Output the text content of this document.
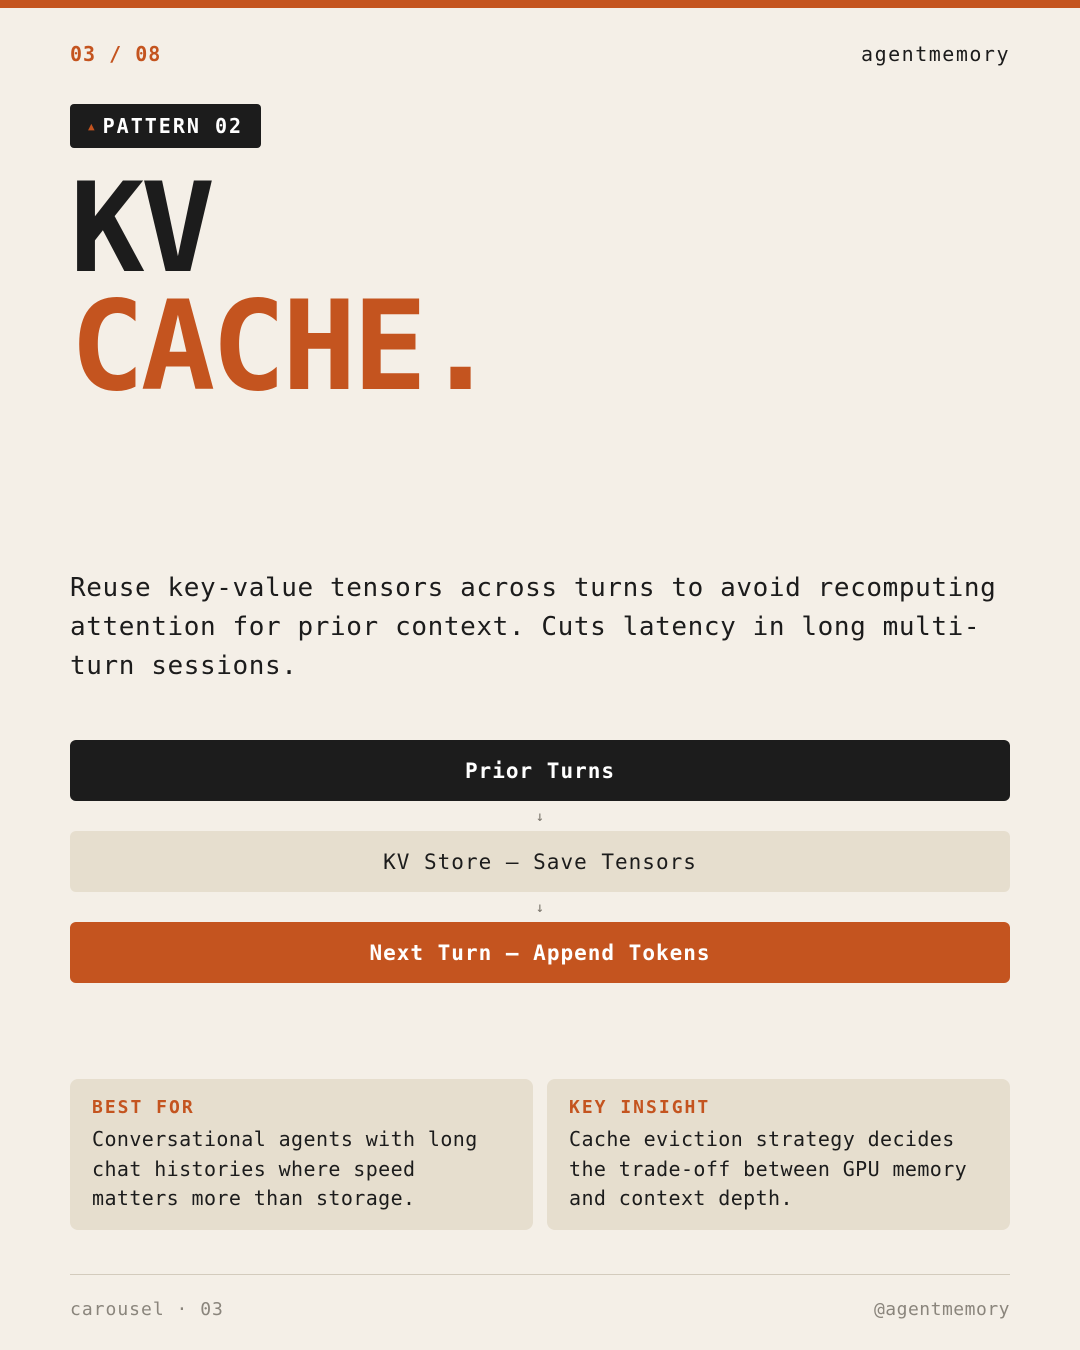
03 / 08	agentmemory
▲ PATTERN 02
KV
CACHE.

Reuse key-value tensors across turns to avoid recomputing attention for prior context. Cuts latency in long multi-turn sessions.

Prior Turns
↓
KV Store — Save Tensors
↓
Next Turn — Append Tokens
BEST FOR
Conversational agents with long chat histories where speed matters more than storage.
KEY INSIGHT
Cache eviction strategy decides the trade-off between GPU memory and context depth.
carousel · 03	@agentmemory
